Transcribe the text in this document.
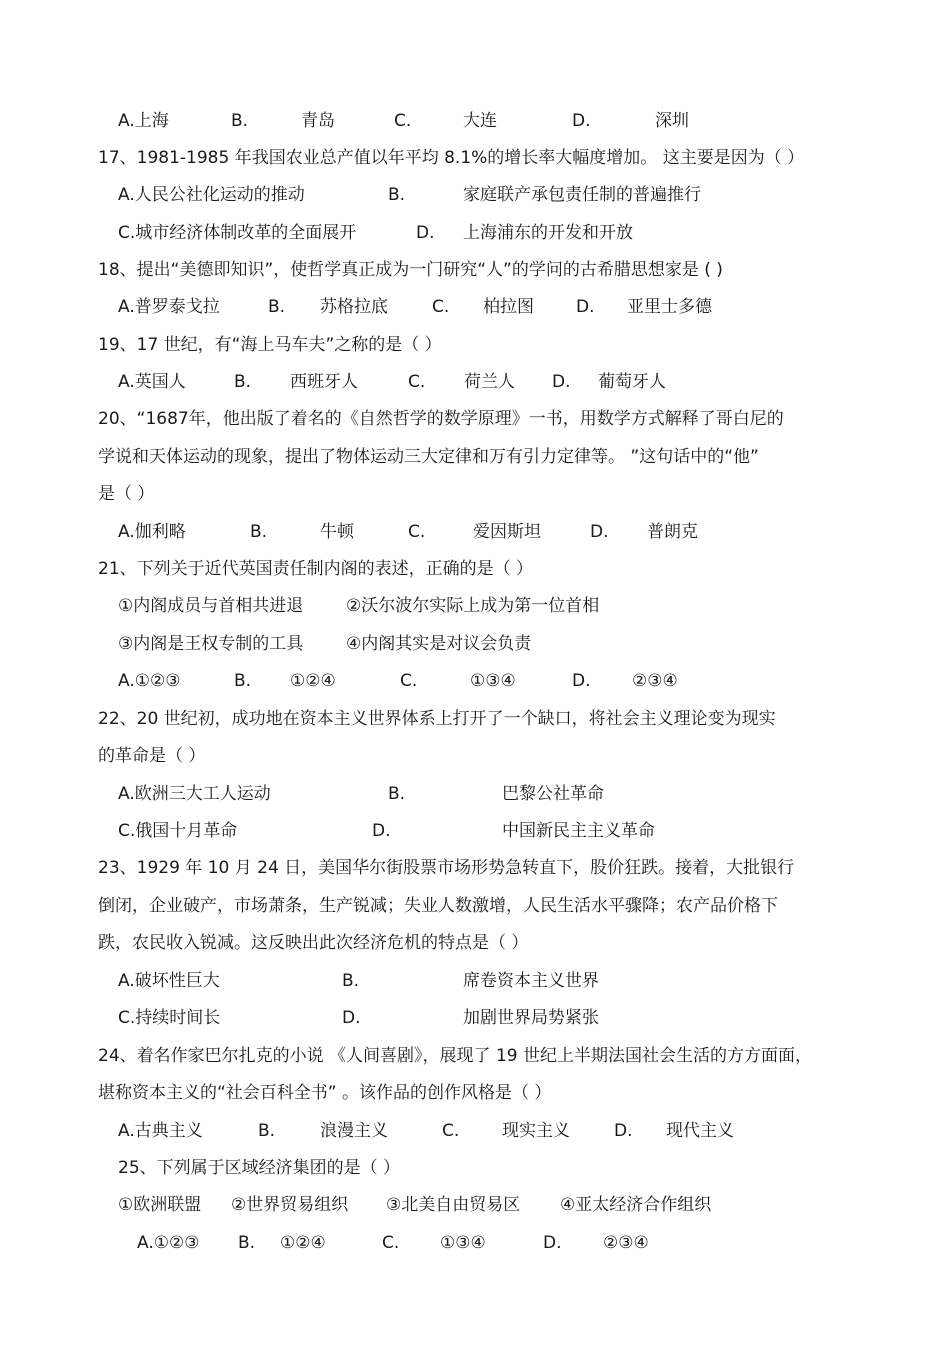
A.上海	B.	青岛	C.	大连	D.	深圳
17、1981-1985 年我国农业总产值以年平均 8.1%的增长率大幅度增加。 这主要是因为（ ）
A.人民公社化运动的推动	B.	家庭联产承包责任制的普遍推行
C.城市经济体制改革的全面展开	D. 上海浦东的开发和开放
18、提出“美德即知识”，使哲学真正成为一门研究“人”的学问的古希腊思想家是 ( )
A.普罗泰戈拉	B. 苏格拉底	C. 柏拉图 D. 亚里士多德
19、17 世纪，有“海上马车夫”之称的是（ ）
A.英国人	B. 西班牙人	C. 荷兰人 D. 葡萄牙人
20、“1687年，他出版了着名的《自然哲学的数学原理》一书，用数学方式解释了哥白尼的
学说和天体运动的现象，提出了物体运动三大定律和万有引力定律等。 ”这句话中的“他”
是（ ）
A.伽利略	B.	牛顿	C.	爱因斯坦	D. 普朗克
21、下列关于近代英国责任制内阁的表述，正确的是（ ）
①内阁成员与首相共进退	②沃尔波尔实际上成为第一位首相
③内阁是王权专制的工具	④内阁其实是对议会负责
A.①②③	B. ①②④	C.	①③④	D. ②③④
22、20 世纪初，成功地在资本主义世界体系上打开了一个缺口，将社会主义理论变为现实
的革命是（ ）
A.欧洲三大工人运动	B.	巴黎公社革命
C.俄国十月革命	D.	中国新民主主义革命
23、1929 年 10 月 24 日，美国华尔街股票市场形势急转直下，股价狂跌。接着，大批银行
倒闭，企业破产，市场萧条，生产锐减；失业人数激增，人民生活水平骤降；农产品价格下
跌，农民收入锐减。这反映出此次经济危机的特点是（ ）
A.破坏性巨大	B.	席卷资本主义世界
C.持续时间长	D.	加剧世界局势紧张
24、着名作家巴尔扎克的小说 《人间喜剧》，展现了 19 世纪上半期法国社会生活的方方面面，
堪称资本主义的“社会百科全书” 。该作品的创作风格是（ ）
A.古典主义	B.	浪漫主义	C.	现实主义	D. 现代主义
25、下列属于区域经济集团的是（ ）
①欧洲联盟 ②世界贸易组织 ③北美自由贸易区 ④亚太经济合作组织
A.①②③ B. ①②④	C. ①③④	D. ②③④
